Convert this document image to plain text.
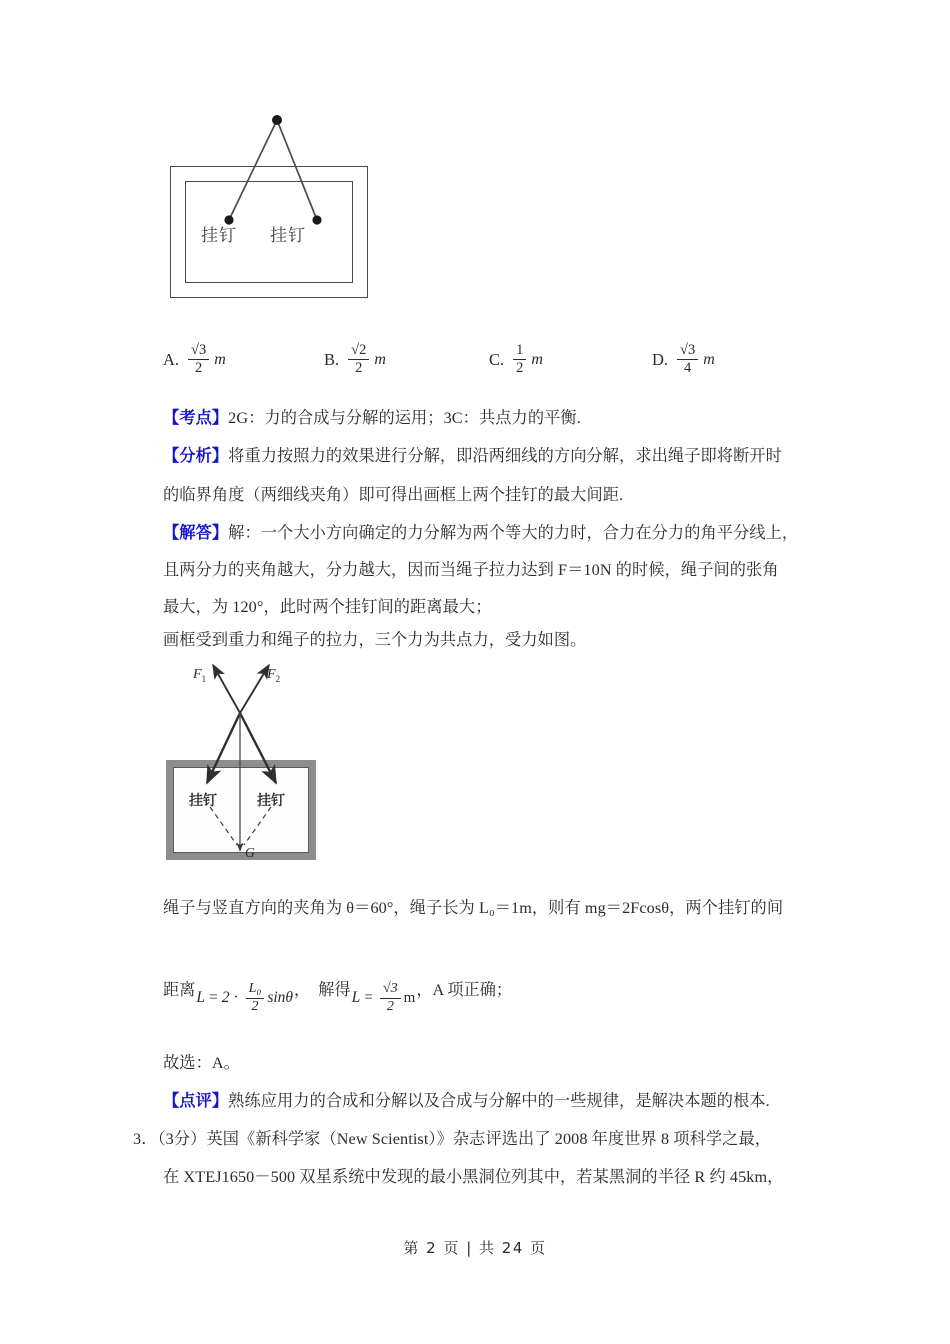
挂钉 挂钉
A. $\frac{√3}{2}$ m	B. $\frac{√2}{2}$ m	C. $\frac{1}{2}$ m	D. $\frac{√3}{4}$ m
【考点】2G：力的合成与分解的运用；3C：共点力的平衡.
【分析】将重力按照力的效果进行分解，即沿两细线的方向分解，求出绳子即将断开时
的临界角度（两细线夹角）即可得出画框上两个挂钉的最大间距.
【解答】解：一个大小方向确定的力分解为两个等大的力时，合力在分力的角平分线上，
且两分力的夹角越大，分力越大，因而当绳子拉力达到 F＝10N 的时候，绳子间的张角
最大，为 120°，此时两个挂钉间的距离最大；
画框受到重力和绳子的拉力，三个力为共点力，受力如图。
$F_1$	$F_2$
G
挂钉	挂钉
绳子与竖直方向的夹角为 θ＝60°，绳子长为 L₀＝1m，则有 mg＝2Fcosθ，两个挂钉的间
距离 $L = 2 \cdot \frac{\text{L₀}}{2}$ sinθ ， 解得 $L = \frac{√3}{2}$ m ，A 项正确；
故选：A。
【点评】熟练应用力的合成和分解以及合成与分解中的一些规律，是解决本题的根本.
3．（3分）英国《新科学家（New Scientist）》杂志评选出了 2008 年度世界 8 项科学之最，
在 XTEJ1650－500 双星系统中发现的最小黑洞位列其中，若某黑洞的半径 R 约 45km，
第 2 页 | 共 24 页
